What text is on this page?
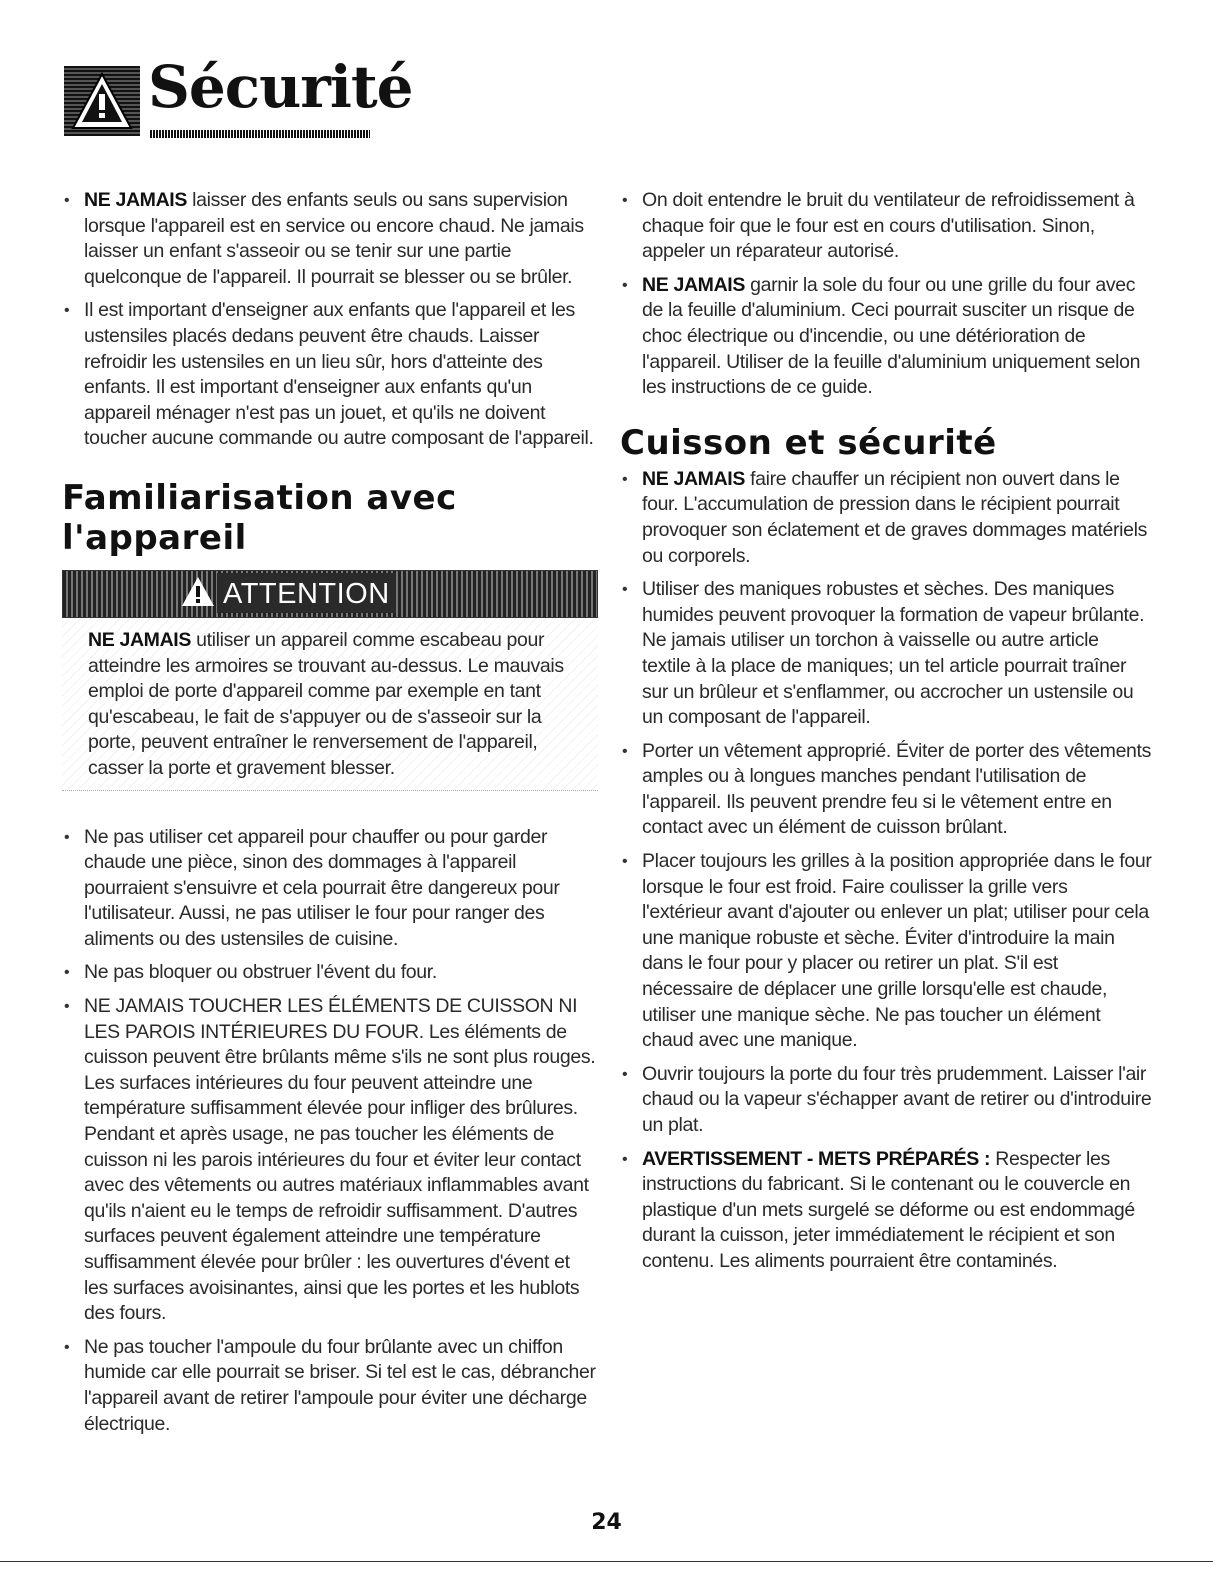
Sécurité

• NE JAMAIS laisser des enfants seuls ou sans supervision lorsque l'appareil est en service ou encore chaud. Ne jamais laisser un enfant s'asseoir ou se tenir sur une partie quelconque de l'appareil. Il pourrait se blesser ou se brûler.

• Il est important d'enseigner aux enfants que l'appareil et les ustensiles placés dedans peuvent être chauds. Laisser refroidir les ustensiles en un lieu sûr, hors d'atteinte des enfants. Il est important d'enseigner aux enfants qu'un appareil ménager n'est pas un jouet, et qu'ils ne doivent toucher aucune commande ou autre composant de l'appareil.

Familiarisation avec l'appareil
ATTENTION
NE JAMAIS utiliser un appareil comme escabeau pour atteindre les armoires se trouvant au-dessus. Le mauvais emploi de porte d'appareil comme par exemple en tant qu'escabeau, le fait de s'appuyer ou de s'asseoir sur la porte, peuvent entraîner le renversement de l'appareil, casser la porte et gravement blesser.

• Ne pas utiliser cet appareil pour chauffer ou pour garder chaude une pièce, sinon des dommages à l'appareil pourraient s'ensuivre et cela pourrait être dangereux pour l'utilisateur. Aussi, ne pas utiliser le four pour ranger des aliments ou des ustensiles de cuisine.

• Ne pas bloquer ou obstruer l'évent du four.

• NE JAMAIS TOUCHER LES ÉLÉMENTS DE CUISSON NI LES PAROIS INTÉRIEURES DU FOUR. Les éléments de cuisson peuvent être brûlants même s'ils ne sont plus rouges. Les surfaces intérieures du four peuvent atteindre une température suffisamment élevée pour infliger des brûlures. Pendant et après usage, ne pas toucher les éléments de cuisson ni les parois intérieures du four et éviter leur contact avec des vêtements ou autres matériaux inflammables avant qu'ils n'aient eu le temps de refroidir suffisamment. D'autres surfaces peuvent également atteindre une température suffisamment élevée pour brûler : les ouvertures d'évent et les surfaces avoisinantes, ainsi que les portes et les hublots des fours.

• Ne pas toucher l'ampoule du four brûlante avec un chiffon humide car elle pourrait se briser. Si tel est le cas, débrancher l'appareil avant de retirer l'ampoule pour éviter une décharge électrique.

• On doit entendre le bruit du ventilateur de refroidissement à chaque foir que le four est en cours d'utilisation. Sinon, appeler un réparateur autorisé.

• NE JAMAIS garnir la sole du four ou une grille du four avec de la feuille d'aluminium. Ceci pourrait susciter un risque de choc électrique ou d'incendie, ou une détérioration de l'appareil. Utiliser de la feuille d'aluminium uniquement selon les instructions de ce guide.

Cuisson et sécurité

• NE JAMAIS faire chauffer un récipient non ouvert dans le four. L'accumulation de pression dans le récipient pourrait provoquer son éclatement et de graves dommages matériels ou corporels.

• Utiliser des maniques robustes et sèches. Des maniques humides peuvent provoquer la formation de vapeur brûlante. Ne jamais utiliser un torchon à vaisselle ou autre article textile à la place de maniques; un tel article pourrait traîner sur un brûleur et s'enflammer, ou accrocher un ustensile ou un composant de l'appareil.

• Porter un vêtement approprié. Éviter de porter des vêtements amples ou à longues manches pendant l'utilisation de l'appareil. Ils peuvent prendre feu si le vêtement entre en contact avec un élément de cuisson brûlant.

• Placer toujours les grilles à la position appropriée dans le four lorsque le four est froid. Faire coulisser la grille vers l'extérieur avant d'ajouter ou enlever un plat; utiliser pour cela une manique robuste et sèche. Éviter d'introduire la main dans le four pour y placer ou retirer un plat. S'il est nécessaire de déplacer une grille lorsqu'elle est chaude, utiliser une manique sèche. Ne pas toucher un élément chaud avec une manique.

• Ouvrir toujours la porte du four très prudemment. Laisser l'air chaud ou la vapeur s'échapper avant de retirer ou d'introduire un plat.

• AVERTISSEMENT - METS PRÉPARÉS : Respecter les instructions du fabricant. Si le contenant ou le couvercle en plastique d'un mets surgelé se déforme ou est endommagé durant la cuisson, jeter immédiatement le récipient et son contenu. Les aliments pourraient être contaminés.

24
